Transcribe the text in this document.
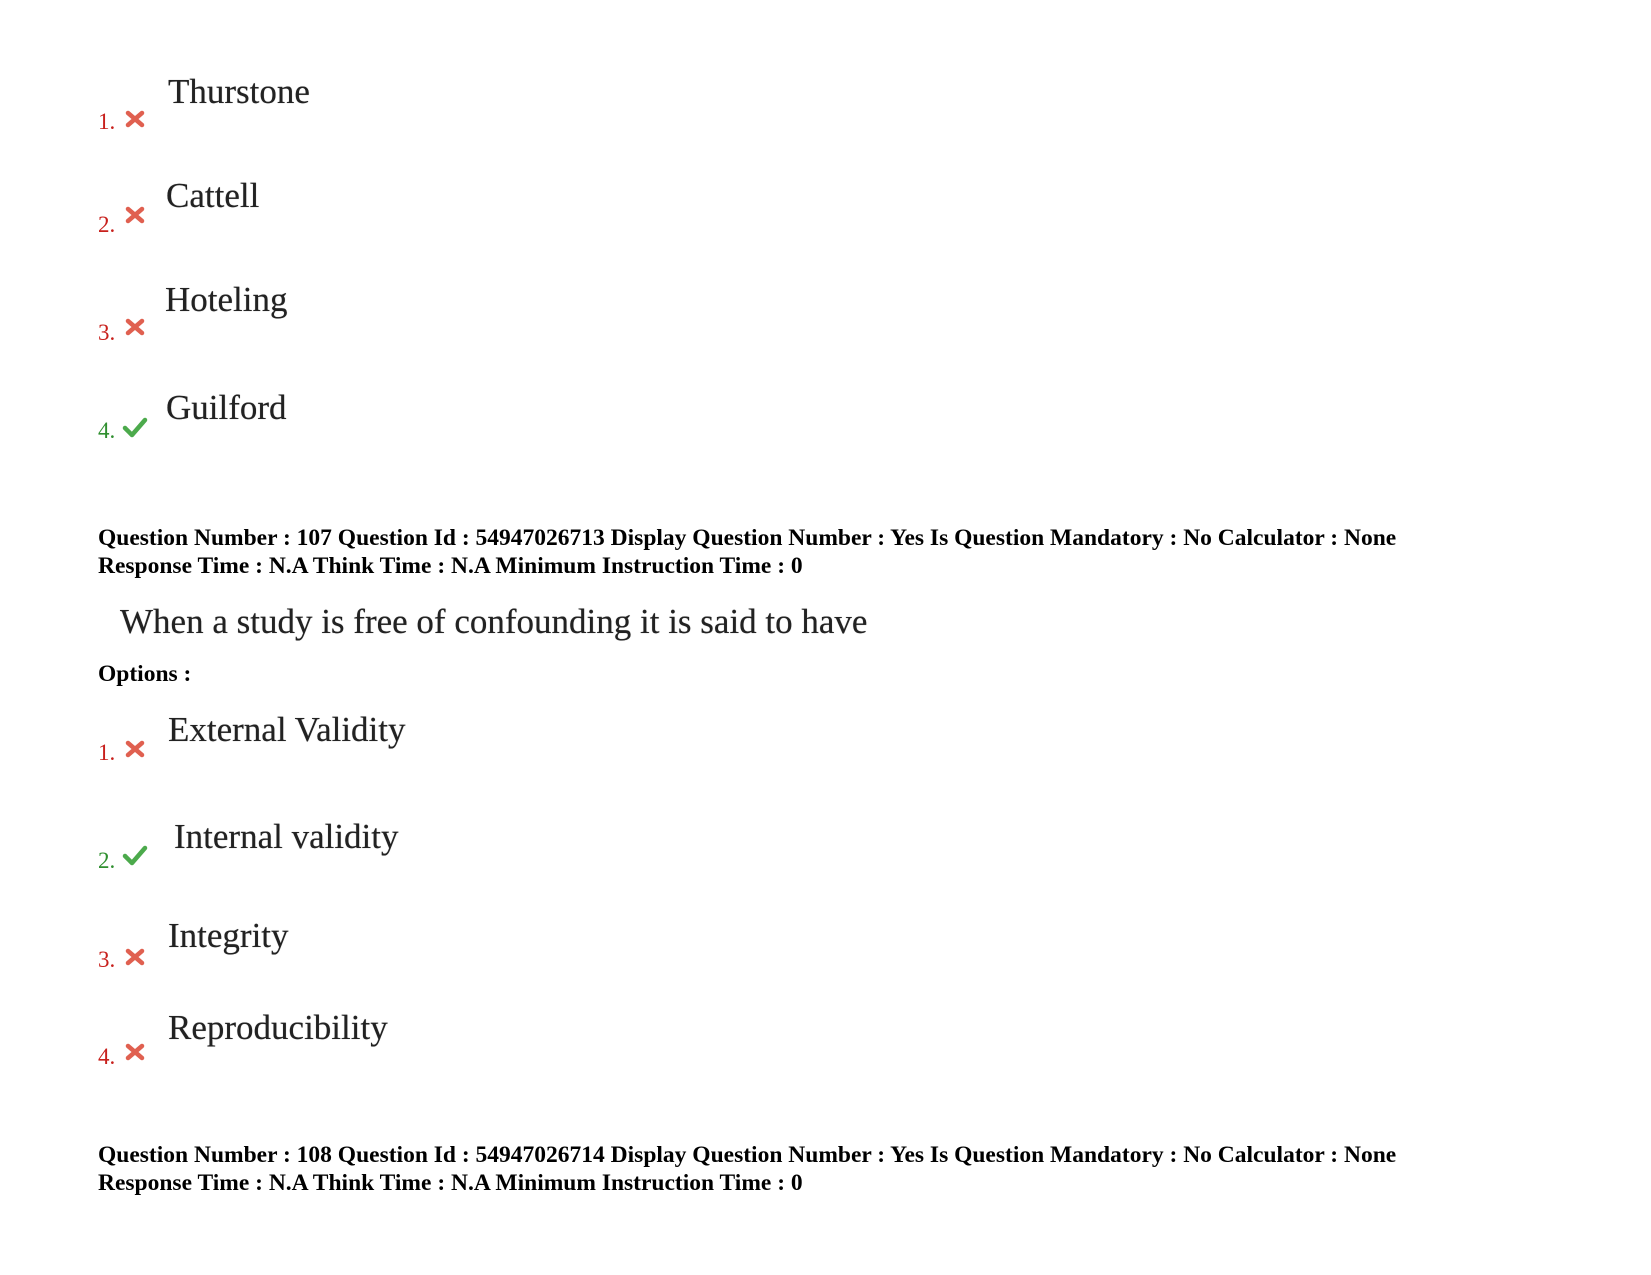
1.
Thurstone
2.
Cattell
3.
Hoteling
4.
Guilford
Question Number : 107 Question Id : 54947026713 Display Question Number : Yes Is Question Mandatory : No Calculator : None
Response Time : N.A Think Time : N.A Minimum Instruction Time : 0
When a study is free of confounding it is said to have
Options :
1.
External Validity
2.
Internal validity
3.
Integrity
4.
Reproducibility
Question Number : 108 Question Id : 54947026714 Display Question Number : Yes Is Question Mandatory : No Calculator : None
Response Time : N.A Think Time : N.A Minimum Instruction Time : 0
